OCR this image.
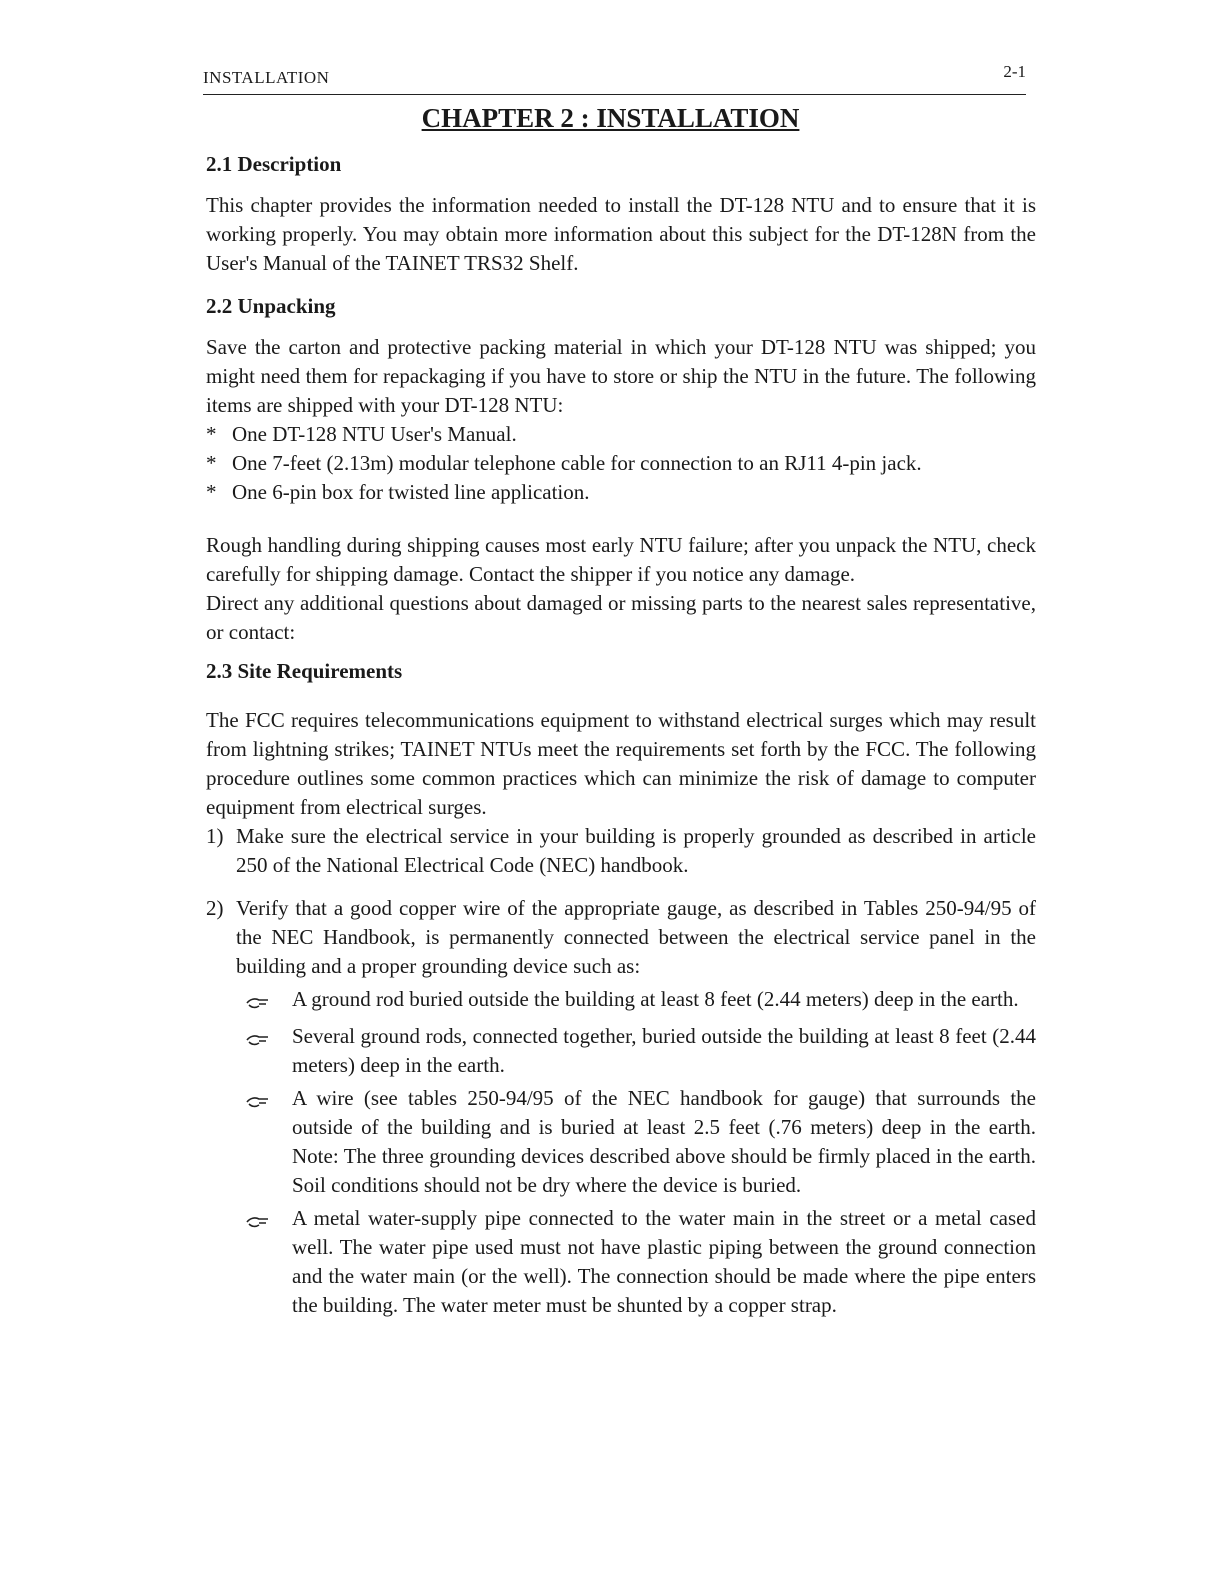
INSTALLATION	2-1
CHAPTER 2 : INSTALLATION
2.1 Description

This chapter provides the information needed to install the DT-128 NTU and to ensure that it is working properly. You may obtain more information about this subject for the DT-128N from the User's Manual of the TAINET TRS32 Shelf.

2.2 Unpacking

Save the carton and protective packing material in which your DT-128 NTU was shipped; you might need them for repackaging if you have to store or ship the NTU in the future. The following items are shipped with your DT-128 NTU:

* One DT-128 NTU User's Manual.
* One 7-feet (2.13m) modular telephone cable for connection to an RJ11 4-pin jack.
* One 6-pin box for twisted line application.

Rough handling during shipping causes most early NTU failure; after you unpack the NTU, check carefully for shipping damage. Contact the shipper if you notice any damage.

Direct any additional questions about damaged or missing parts to the nearest sales representative, or contact:

2.3 Site Requirements

The FCC requires telecommunications equipment to withstand electrical surges which may result from lightning strikes; TAINET NTUs meet the requirements set forth by the FCC. The following procedure outlines some common practices which can minimize the risk of damage to computer equipment from electrical surges.

1) Make sure the electrical service in your building is properly grounded as described in article 250 of the National Electrical Code (NEC) handbook.
2) Verify that a good copper wire of the appropriate gauge, as described in Tables 250-94/95 of the NEC Handbook, is permanently connected between the electrical service panel in the building and a proper grounding device such as:
A ground rod buried outside the building at least 8 feet (2.44 meters) deep in the earth.
Several ground rods, connected together, buried outside the building at least 8 feet (2.44 meters) deep in the earth.
A wire (see tables 250-94/95 of the NEC handbook for gauge) that surrounds the outside of the building and is buried at least 2.5 feet (.76 meters) deep in the earth. Note: The three grounding devices described above should be firmly placed in the earth. Soil conditions should not be dry where the device is buried.
A metal water-supply pipe connected to the water main in the street or a metal cased well. The water pipe used must not have plastic piping between the ground connection and the water main (or the well). The connection should be made where the pipe enters the building. The water meter must be shunted by a copper strap.
